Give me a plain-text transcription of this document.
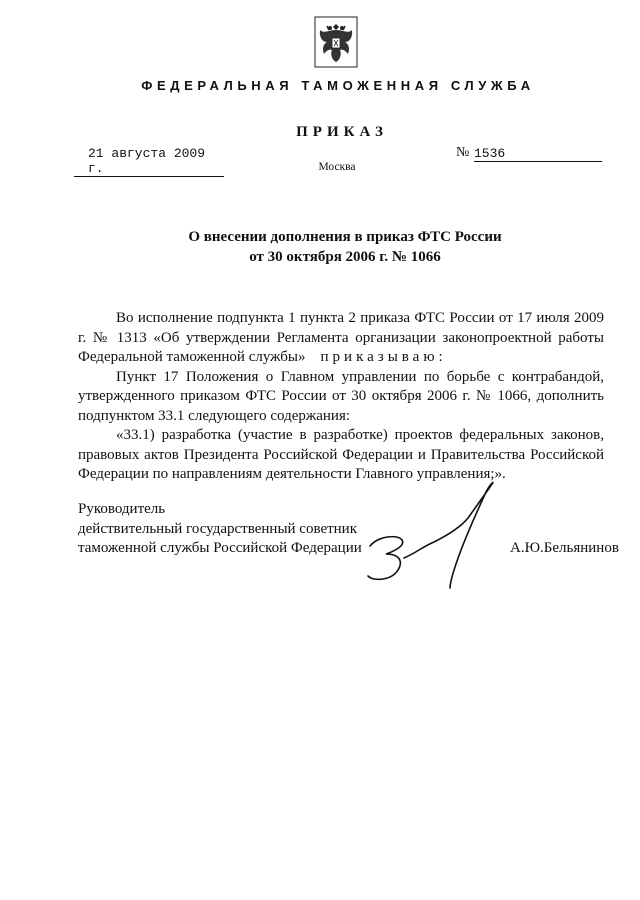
ФЕДЕРАЛЬНАЯ ТАМОЖЕННАЯ СЛУЖБА
ПРИКАЗ
21 августа 2009 г.
№ 1536
Москва
О внесении дополнения в приказ ФТС России
от 30 октября 2006 г. № 1066

Во исполнение подпункта 1 пункта 2 приказа ФТС России от 17 июля 2009 г. № 1313 «Об утверждении Регламента организации законопроектной работы Федеральной таможенной службы» приказываю:

Пункт 17 Положения о Главном управлении по борьбе с контрабандой, утвержденного приказом ФТС России от 30 октября 2006 г. № 1066, дополнить подпунктом 33.1 следующего содержания:

«33.1) разработка (участие в разработке) проектов федеральных законов, правовых актов Президента Российской Федерации и Правительства Российской Федерации по направлениям деятельности Главного управления;».

Руководитель
действительный государственный советник
таможенной службы Российской Федерации	А.Ю.Бельянинов
